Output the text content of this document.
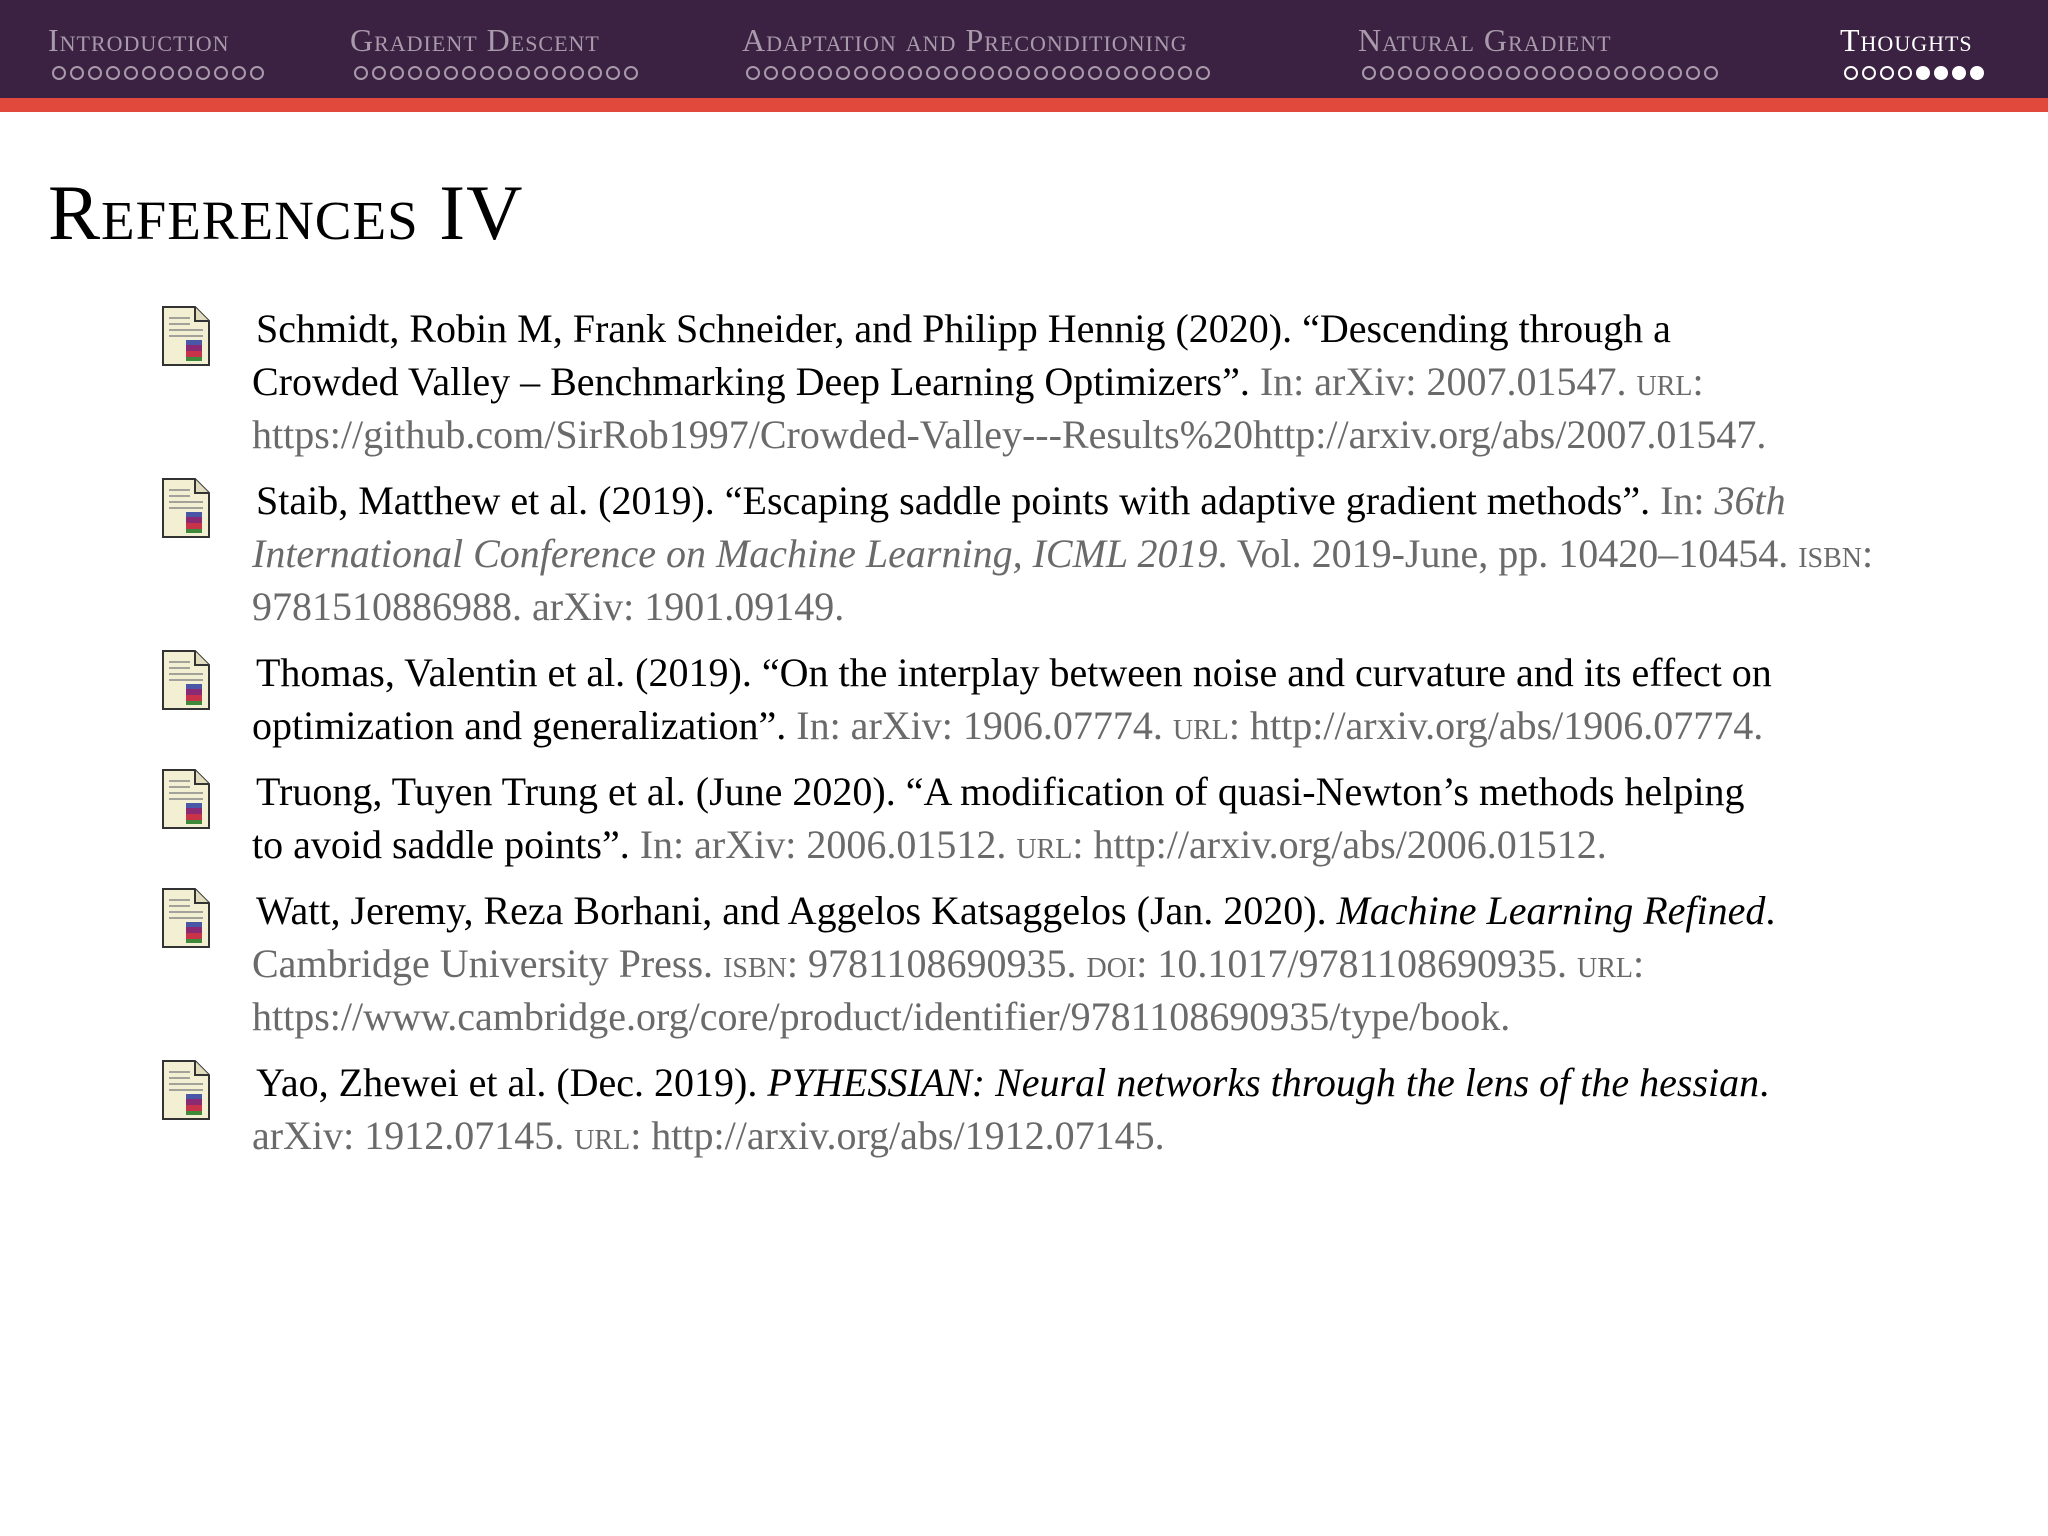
Introduction	Gradient Descent	Adaptation and Preconditioning	Natural Gradient	Thoughts
References IV
Schmidt, Robin M, Frank Schneider, and Philipp Hennig (2020). “Descending through a
Crowded Valley – Benchmarking Deep Learning Optimizers”. In: arXiv: 2007.01547. url: https://github.com/SirRob1997/Crowded-Valley---Results%20http://arxiv.org/abs/2007.01547.
Staib, Matthew et al. (2019). “Escaping saddle points with adaptive gradient methods”. In: 36th International Conference on Machine Learning, ICML 2019. Vol. 2019-June, pp. 10420–10454. isbn: 9781510886988. arXiv: 1901.09149.
Thomas, Valentin et al. (2019). “On the interplay between noise and curvature and its effect on
optimization and generalization”. In: arXiv: 1906.07774. url: http://arxiv.org/abs/1906.07774.
Truong, Tuyen Trung et al. (June 2020). “A modification of quasi-Newton’s methods helping
to avoid saddle points”. In: arXiv: 2006.01512. url: http://arxiv.org/abs/2006.01512.
Watt, Jeremy, Reza Borhani, and Aggelos Katsaggelos (Jan. 2020). Machine Learning Refined.
Cambridge University Press. isbn: 9781108690935. doi: 10.1017/9781108690935. url: https://www.cambridge.org/core/product/identifier/9781108690935/type/book.
Yao, Zhewei et al. (Dec. 2019). PYHESSIAN: Neural networks through the lens of the hessian.
arXiv: 1912.07145. url: http://arxiv.org/abs/1912.07145.
